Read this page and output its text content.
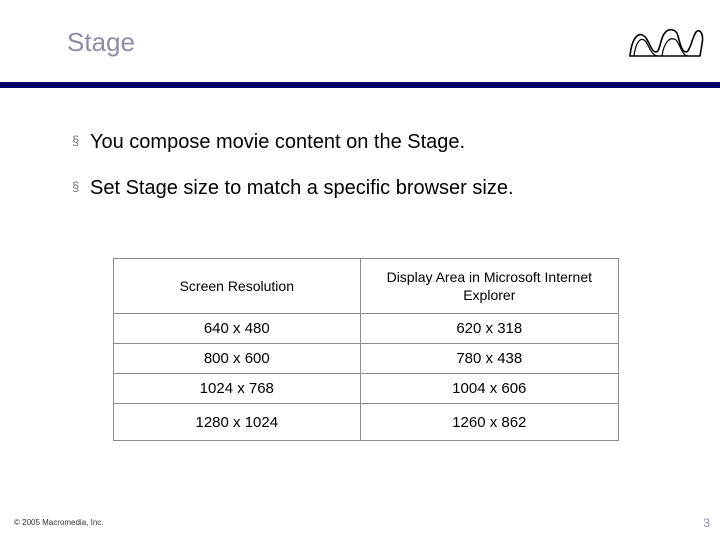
Stage
§ You compose movie content on the Stage.
§ Set Stage size to match a specific browser size.
Screen Resolution	Display Area in Microsoft Internet Explorer
640 x 480	620 x 318
800 x 600	780 x 438
1024 x 768	1004 x 606
1280 x 1024	1260 x 862
© 2005 Macromedia, Inc.	3
